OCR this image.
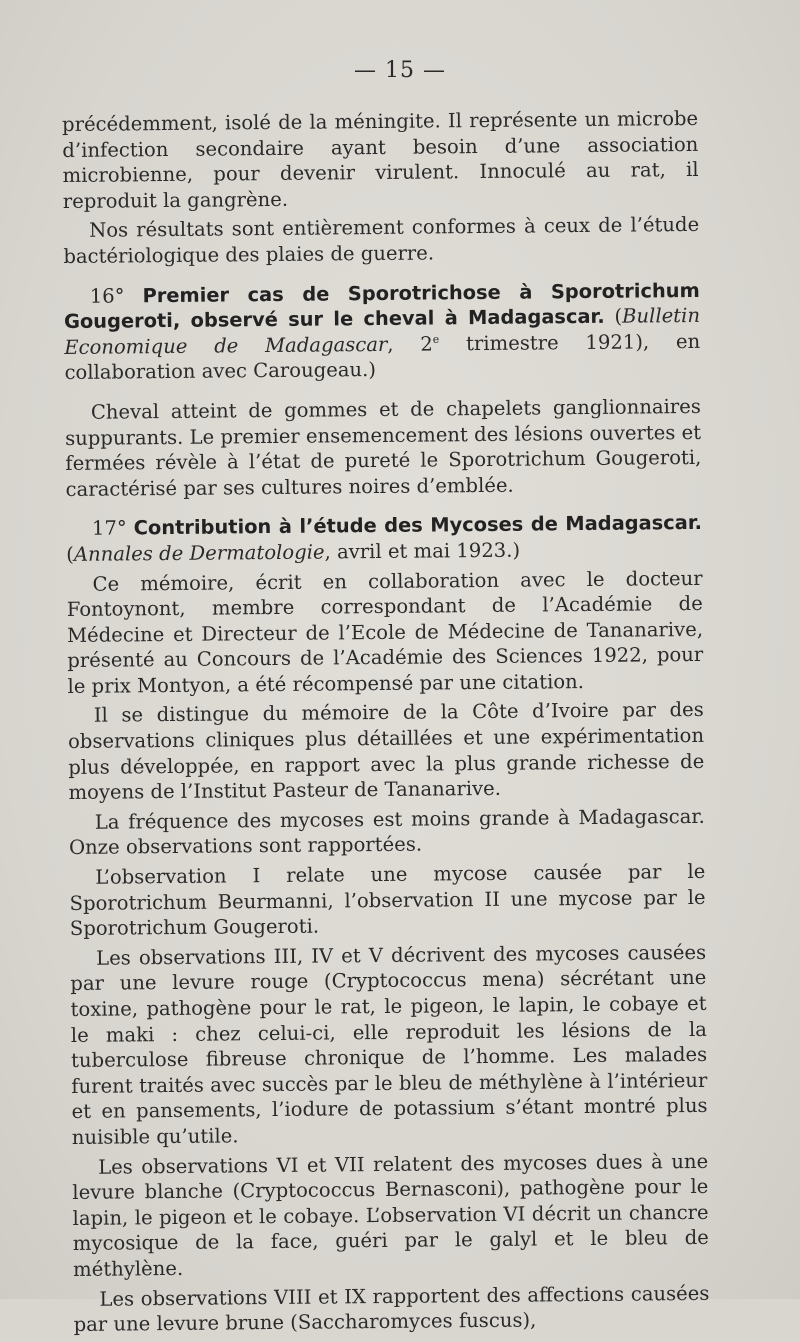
— 15 —

précédemment, isolé de la méningite. Il représente un microbe d’infection secondaire ayant besoin d’une association microbienne, pour devenir virulent. Innoculé au rat, il reproduit la gangrène.

Nos résultats sont entièrement conformes à ceux de l’étude bactériologique des plaies de guerre.

16° Premier cas de Sporotrichose à Sporotrichum Gougeroti, observé sur le cheval à Madagascar. (Bulletin Economique de Madagascar, 2e trimestre 1921), en collaboration avec Carougeau.)

Cheval atteint de gommes et de chapelets ganglionnaires suppurants. Le premier ensemencement des lésions ouvertes et fermées révèle à l’état de pureté le Sporotrichum Gougeroti, caractérisé par ses cultures noires d’emblée.

17° Contribution à l’étude des Mycoses de Madagascar. (Annales de Dermatologie, avril et mai 1923.)

Ce mémoire, écrit en collaboration avec le docteur Fontoynont, membre correspondant de l’Académie de Médecine et Directeur de l’Ecole de Médecine de Tananarive, présenté au Concours de l’Académie des Sciences 1922, pour le prix Montyon, a été récompensé par une citation.

Il se distingue du mémoire de la Côte d’Ivoire par des observations cliniques plus détaillées et une expérimentation plus développée, en rapport avec la plus grande richesse de moyens de l’Institut Pasteur de Tananarive.

La fréquence des mycoses est moins grande à Madagascar. Onze observations sont rapportées.

L’observation I relate une mycose causée par le Sporotrichum Beurmanni, l’observation II une mycose par le Sporotrichum Gougeroti.

Les observations III, IV et V décrivent des mycoses causées par une levure rouge (Cryptococcus mena) sécrétant une toxine, pathogène pour le rat, le pigeon, le lapin, le cobaye et le maki : chez celui-ci, elle reproduit les lésions de la tuberculose fibreuse chronique de l’homme. Les malades furent traités avec succès par le bleu de méthylène à l’intérieur et en pansements, l’iodure de potassium s’étant montré plus nuisible qu’utile.

Les observations VI et VII relatent des mycoses dues à une levure blanche (Cryptococcus Bernasconi), pathogène pour le lapin, le pigeon et le cobaye. L’observation VI décrit un chancre mycosique de la face, guéri par le galyl et le bleu de méthylène.

Les observations VIII et IX rapportent des affections causées par une levure brune (Saccharomyces fuscus),
